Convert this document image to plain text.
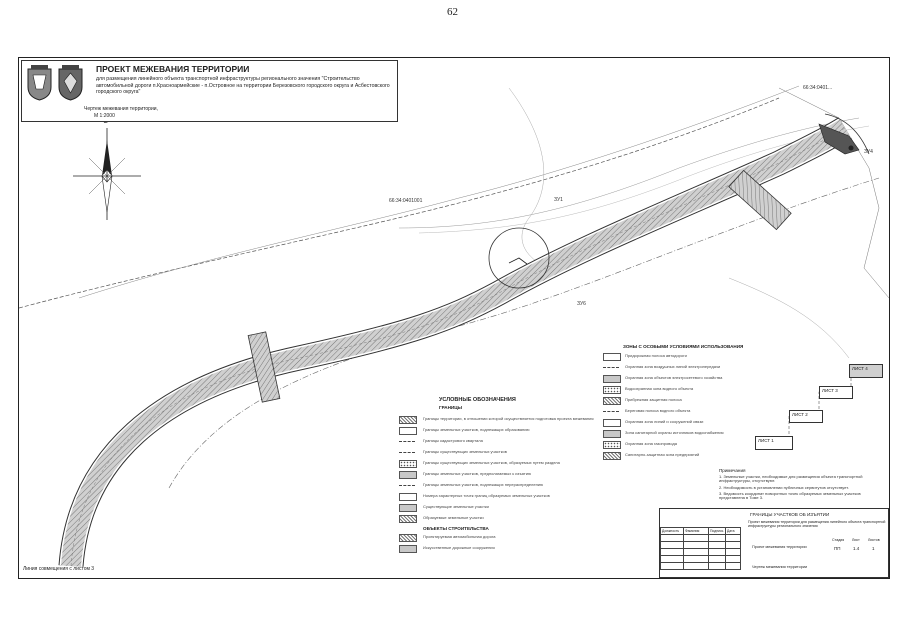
62
ПРОЕКТ МЕЖЕВАНИЯ ТЕРРИТОРИИ
для размещения линейного объекта транспортной инфраструктуры регионального значения "Строительство автомобильной дороги п.Красноармейские - п.Островное на территории Березовского городского округа и Асбестовского городского округа"
Чертеж межевания территории,
М 1:2000
66:34:0401001
66:34:0401...
ЗУ1
ЗУ6
ЗУ4
УСЛОВНЫЕ ОБОЗНАЧЕНИЯ
ГРАНИЦЫ
Границы территории, в отношении которой осуществляется подготовка проекта межевания
Границы земельных участков, подлежащих образованию
Границы кадастрового квартала
Границы существующих земельных участков
Границы существующих земельных участков, образуемых путем раздела
Границы земельных участков, предполагаемых к изъятию
Границы земельных участков, подлежащих перераспределению
Номера характерных точек границ образуемых земельных участков
Существующие земельные участки
Образуемые земельные участки
ОБЪЕКТЫ СТРОИТЕЛЬСТВА
Проектируемая автомобильная дорога
Искусственные дорожные сооружения
ЗОНЫ С ОСОБЫМИ УСЛОВИЯМИ ИСПОЛЬЗОВАНИЯ
Придорожная полоса автодороги
Охранная зона воздушных линий электропередачи
Охранная зона объектов электросетевого хозяйства
Водоохранная зона водного объекта
Прибрежная защитная полоса
Береговая полоса водного объекта
Охранная зона линий и сооружений связи
Зона санитарной охраны источников водоснабжения
Охранная зона газопровода
Санитарно-защитная зона предприятий
ЛИСТ 1
ЛИСТ 2
ЛИСТ 3
ЛИСТ 4
Примечания
1. Земельные участки, необходимые для размещения объекта транспортной инфраструктуры, отсутствуют.
2. Необходимость в установлении публичных сервитутов отсутствует.
3. Ведомость координат поворотных точек образуемых земельных участков представлена в Томе 3.
ГРАНИЦЫ УЧАСТКОВ ОБ ИЗЪЯТИИ
Проект межевания территории для размещения линейного объекта транспортной инфраструктуры регионального значения
Должность	Фамилия	Подпись	Дата

Проект межевания территории
Чертеж межевания территории
Стадия Лист Листов
ПП	1.4	1
Линия совмещения с листом 3
